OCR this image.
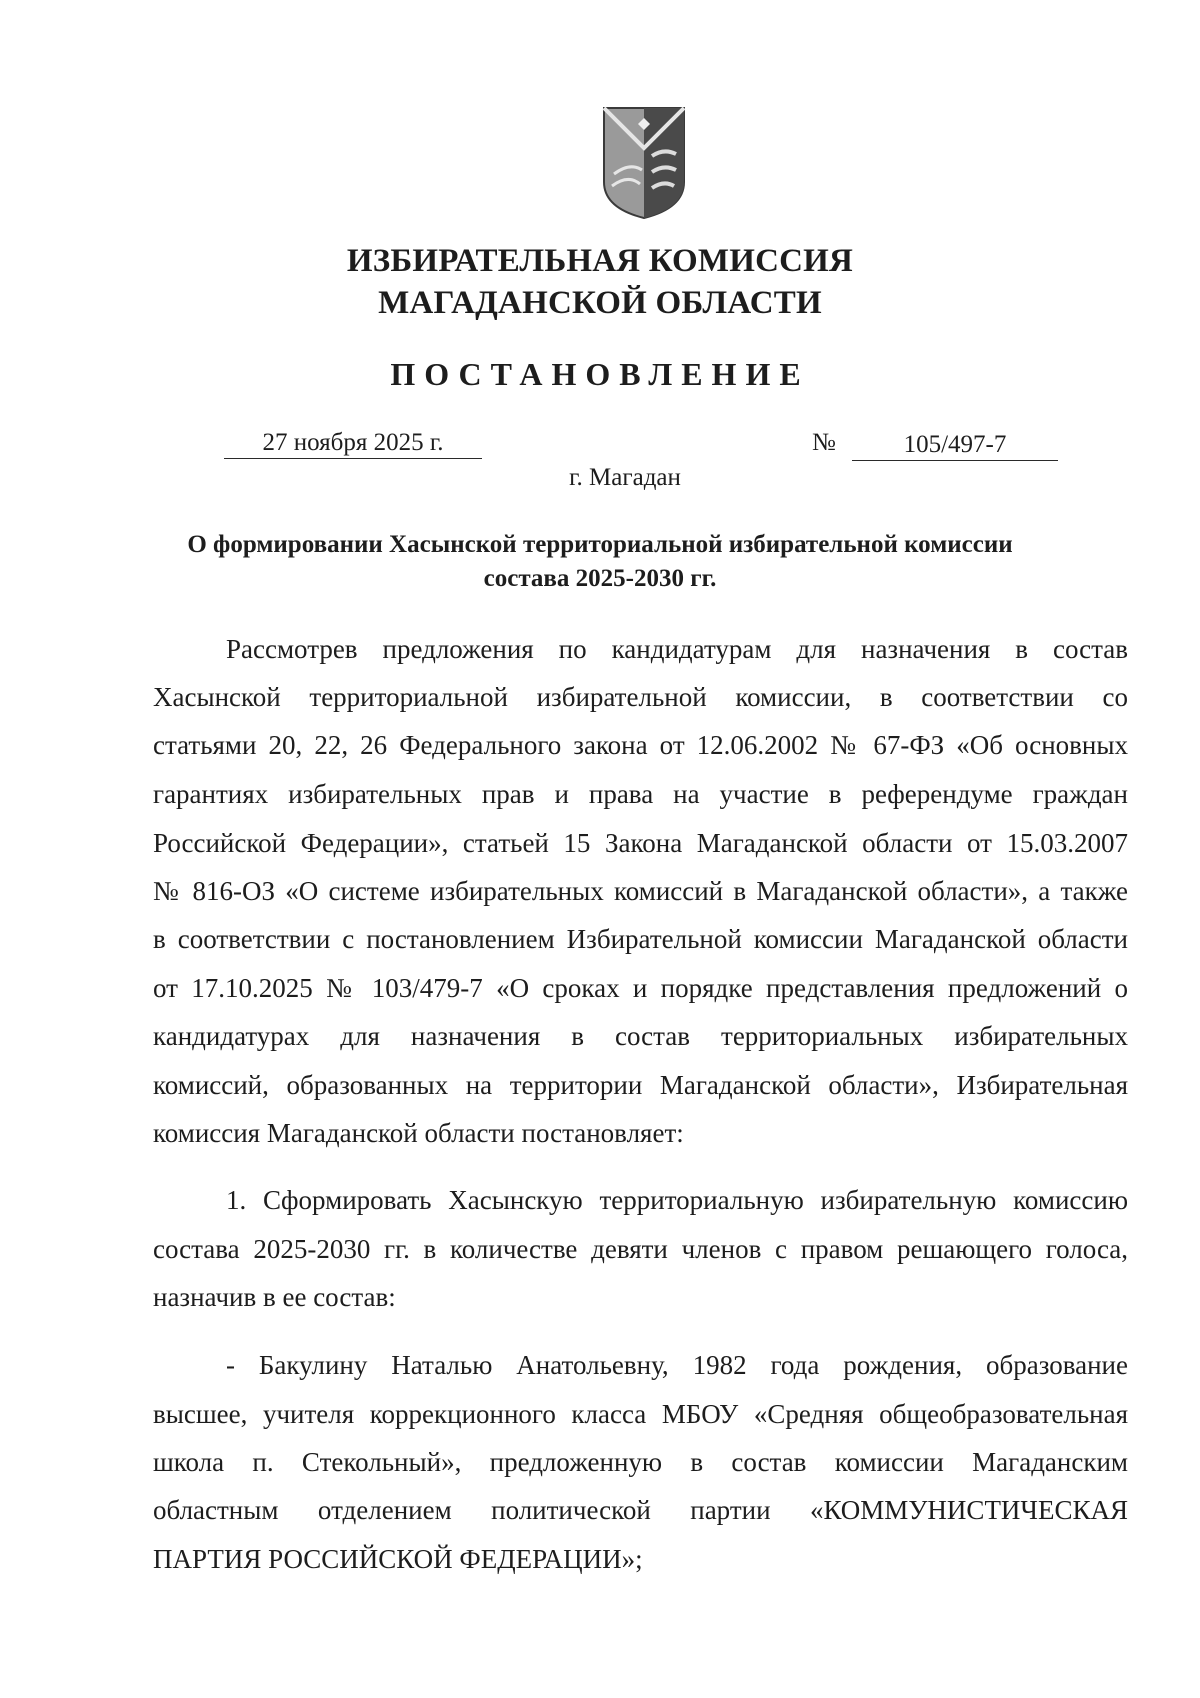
ИЗБИРАТЕЛЬНАЯ КОМИССИЯ
МАГАДАНСКОЙ ОБЛАСТИ
ПОСТАНОВЛЕНИЕ
27 ноября 2025 г.	№	105/497-7
г. Магадан
О формировании Хасынской территориальной избирательной комиссии
состава 2025-2030 гг.
Рассмотрев предложения по кандидатурам для назначения в состав
Хасынской территориальной избирательной комиссии, в соответствии со
статьями 20, 22, 26 Федерального закона от 12.06.2002 № 67-ФЗ «Об основных
гарантиях избирательных прав и права на участие в референдуме граждан
Российской Федерации», статьей 15 Закона Магаданской области от 15.03.2007
№ 816-ОЗ «О системе избирательных комиссий в Магаданской области», а также
в соответствии с постановлением Избирательной комиссии Магаданской области
от 17.10.2025 № 103/479-7 «О сроках и порядке представления предложений о
кандидатурах для назначения в состав территориальных избирательных
комиссий, образованных на территории Магаданской области», Избирательная
комиссия Магаданской области постановляет:
1. Сформировать Хасынскую территориальную избирательную комиссию
состава 2025-2030 гг. в количестве девяти членов с правом решающего голоса,
назначив в ее состав:
- Бакулину Наталью Анатольевну, 1982 года рождения, образование
высшее, учителя коррекционного класса МБОУ «Средняя общеобразовательная
школа п. Стекольный», предложенную в состав комиссии Магаданским
областным отделением политической партии «КОММУНИСТИЧЕСКАЯ
ПАРТИЯ РОССИЙСКОЙ ФЕДЕРАЦИИ»;
